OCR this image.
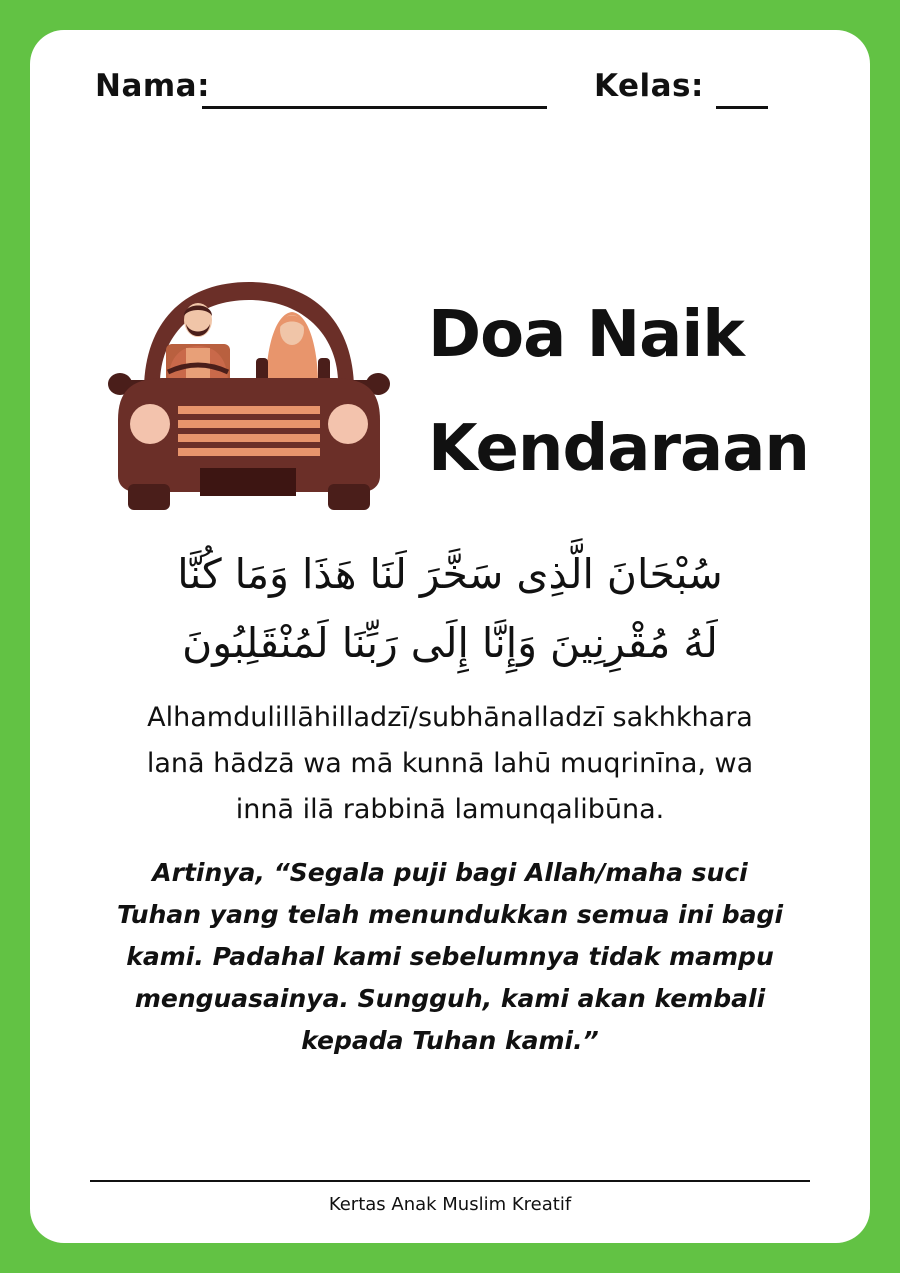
Nama:	Kelas:
Doa Naik
Kendaraan
سُبْحَانَ الَّذِى سَخَّرَ لَنَا هَذَا وَمَا كُنَّا
لَهُ مُقْرِنِينَ وَإِنَّا إِلَى رَبِّنَا لَمُنْقَلِبُونَ
Alhamdulillāhilladzī/subhānalladzī sakhkhara
lanā hādzā wa mā kunnā lahū muqrinīna, wa
innā ilā rabbinā lamunqalibūna.
Artinya, “Segala puji bagi Allah/maha suci
Tuhan yang telah menundukkan semua ini bagi
kami. Padahal kami sebelumnya tidak mampu
menguasainya. Sungguh, kami akan kembali
kepada Tuhan kami.”
Kertas Anak Muslim Kreatif
